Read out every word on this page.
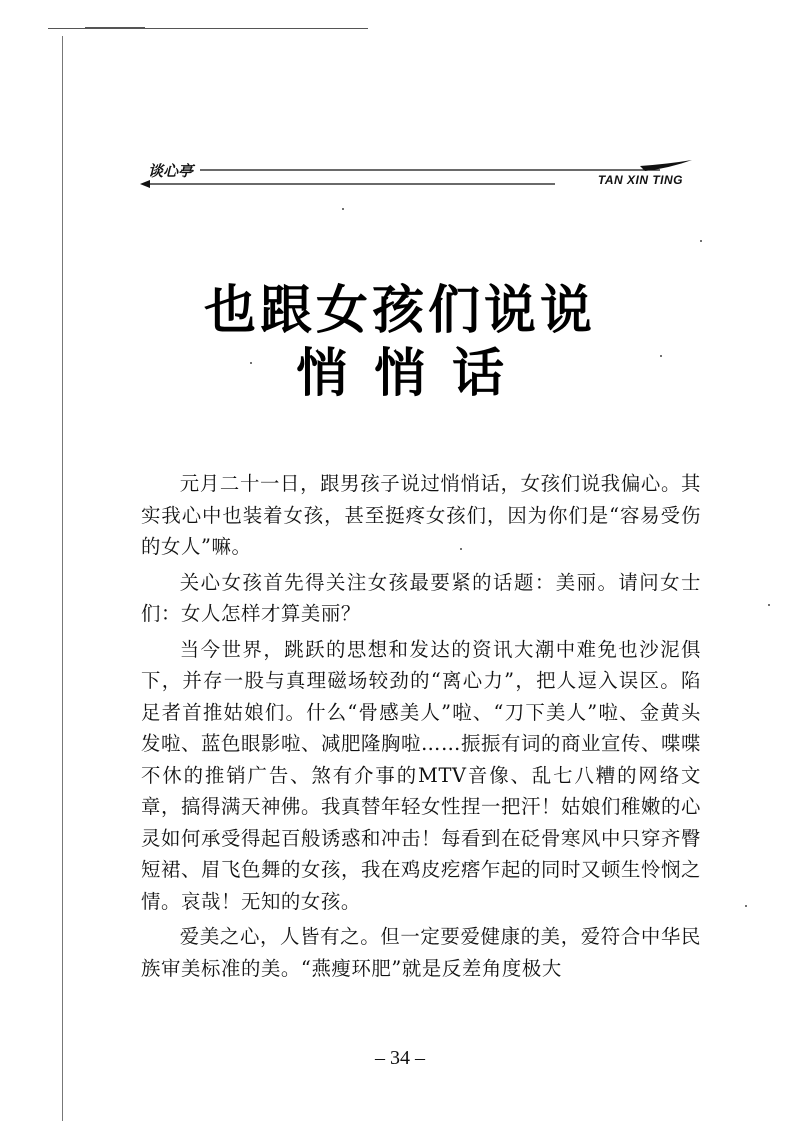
谈心亭	TAN XIN TING
也跟女孩们说说
悄悄话

元月二十一日，跟男孩子说过悄悄话，女孩们说我偏心。其实我心中也装着女孩，甚至挺疼女孩们，因为你们是“容易受伤的女人”嘛。

关心女孩首先得关注女孩最要紧的话题：美丽。请问女士们：女人怎样才算美丽？

当今世界，跳跃的思想和发达的资讯大潮中难免也沙泥俱下，并存一股与真理磁场较劲的“离心力”，把人逗入误区。陷足者首推姑娘们。什么“骨感美人”啦、“刀下美人”啦、金黄头发啦、蓝色眼影啦、减肥隆胸啦……振振有词的商业宣传、喋喋不休的推销广告、煞有介事的MTV音像、乱七八糟的网络文章，搞得满天神佛。我真替年轻女性捏一把汗！姑娘们稚嫩的心灵如何承受得起百般诱惑和冲击！每看到在砭骨寒风中只穿齐臀短裙、眉飞色舞的女孩，我在鸡皮疙瘩乍起的同时又顿生怜悯之情。哀哉！无知的女孩。

爱美之心，人皆有之。但一定要爱健康的美，爱符合中华民族审美标准的美。“燕瘦环肥”就是反差角度极大

– 34 –
